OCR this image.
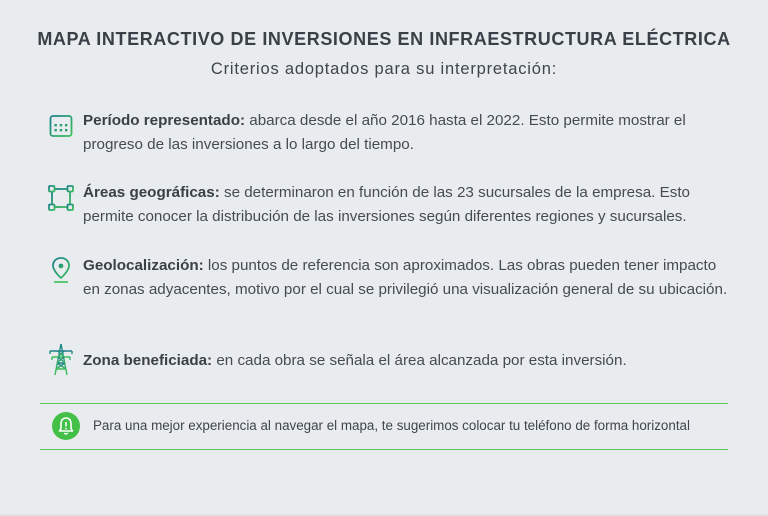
MAPA INTERACTIVO DE INVERSIONES EN INFRAESTRUCTURA ELÉCTRICA
Criterios adoptados para su interpretación:
Período representado: abarca desde el año 2016 hasta el 2022. Esto permite mostrar el progreso de las inversiones a lo largo del tiempo.
Áreas geográficas: se determinaron en función de las 23 sucursales de la empresa. Esto permite conocer la distribución de las inversiones según diferentes regiones y sucursales.
Geolocalización: los puntos de referencia son aproximados. Las obras pueden tener impacto en zonas adyacentes, motivo por el cual se privilegió una visualización general de su ubicación.
Zona beneficiada: en cada obra se señala el área alcanzada por esta inversión.
Para una mejor experiencia al navegar el mapa, te sugerimos colocar tu teléfono de forma horizontal
